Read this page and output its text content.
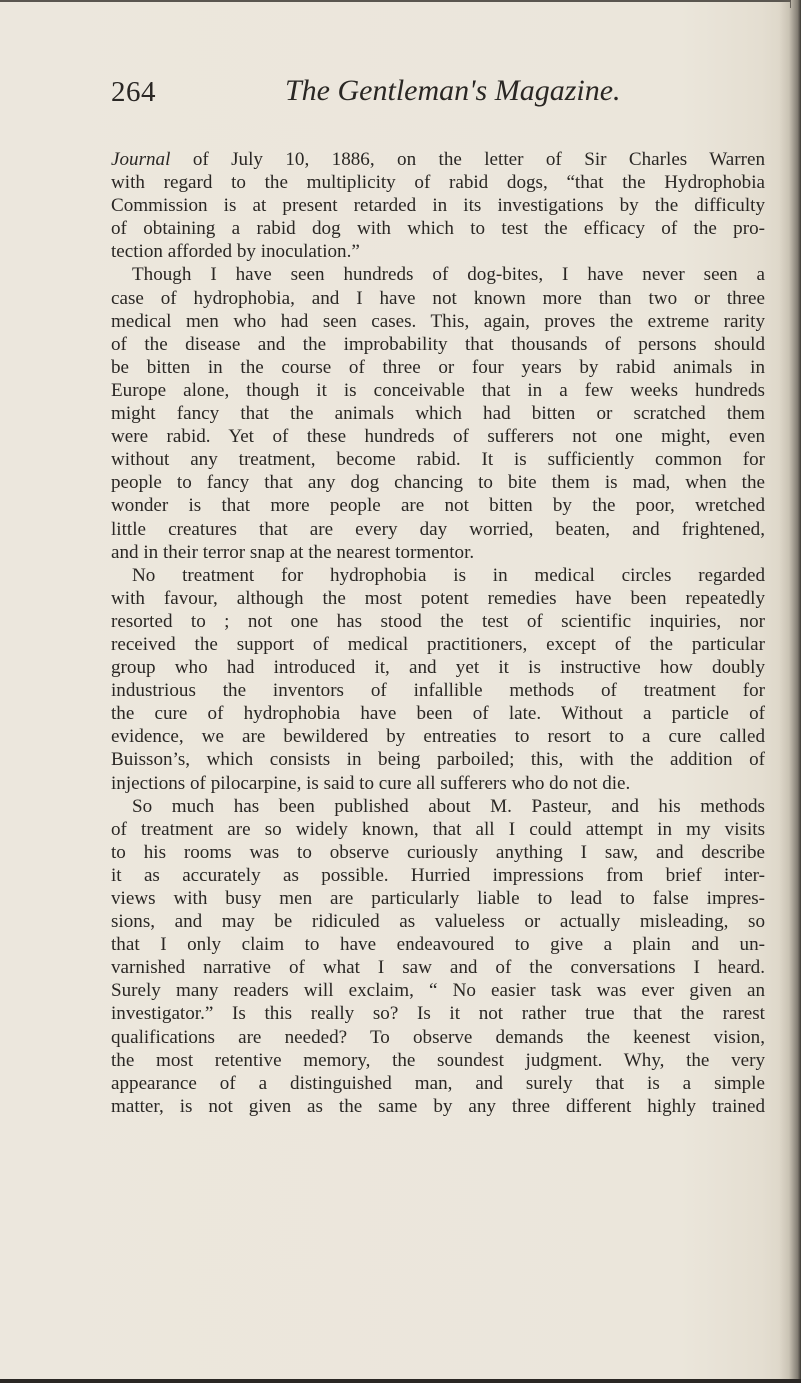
264	The Gentleman's Magazine.
Journal of July 10, 1886, on the letter of Sir Charles Warren
with regard to the multiplicity of rabid dogs, “that the Hydrophobia
Commission is at present retarded in its investigations by the difficulty
of obtaining a rabid dog with which to test the efficacy of the pro-
tection afforded by inoculation.”
Though I have seen hundreds of dog-bites, I have never seen a
case of hydrophobia, and I have not known more than two or three
medical men who had seen cases. This, again, proves the extreme rarity
of the disease and the improbability that thousands of persons should
be bitten in the course of three or four years by rabid animals in
Europe alone, though it is conceivable that in a few weeks hundreds
might fancy that the animals which had bitten or scratched them
were rabid. Yet of these hundreds of sufferers not one might, even
without any treatment, become rabid. It is sufficiently common for
people to fancy that any dog chancing to bite them is mad, when the
wonder is that more people are not bitten by the poor, wretched
little creatures that are every day worried, beaten, and frightened,
and in their terror snap at the nearest tormentor.
No treatment for hydrophobia is in medical circles regarded
with favour, although the most potent remedies have been repeatedly
resorted to ; not one has stood the test of scientific inquiries, nor
received the support of medical practitioners, except of the particular
group who had introduced it, and yet it is instructive how doubly
industrious the inventors of infallible methods of treatment for
the cure of hydrophobia have been of late. Without a particle of
evidence, we are bewildered by entreaties to resort to a cure called
Buisson’s, which consists in being parboiled; this, with the addition of
injections of pilocarpine, is said to cure all sufferers who do not die.
So much has been published about M. Pasteur, and his methods
of treatment are so widely known, that all I could attempt in my visits
to his rooms was to observe curiously anything I saw, and describe
it as accurately as possible. Hurried impressions from brief inter-
views with busy men are particularly liable to lead to false impres-
sions, and may be ridiculed as valueless or actually misleading, so
that I only claim to have endeavoured to give a plain and un-
varnished narrative of what I saw and of the conversations I heard.
Surely many readers will exclaim, “ No easier task was ever given an
investigator.” Is this really so? Is it not rather true that the rarest
qualifications are needed? To observe demands the keenest vision,
the most retentive memory, the soundest judgment. Why, the very
appearance of a distinguished man, and surely that is a simple
matter, is not given as the same by any three different highly trained
